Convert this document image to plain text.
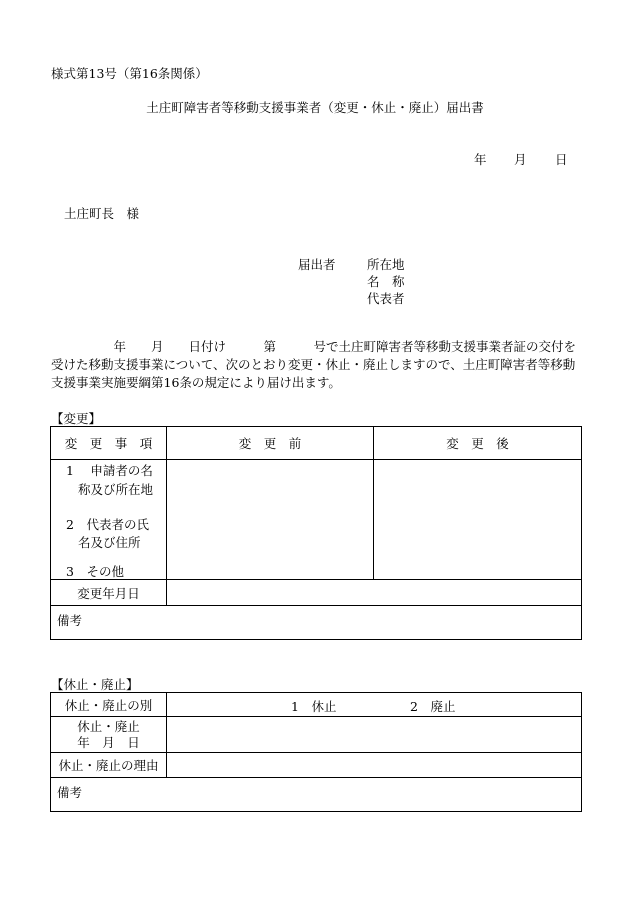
様式第13号（第16条関係）
土庄町障害者等移動支援事業者（変更・休止・廃止）届出書
年 月 日
土庄町長　様
届出者	所在地
名　称
代表者
　　　　　年　　月　　日付け　　　第　　　号で土庄町障害者等移動支援事業者証の交付を受けた移動支援事業について、次のとおり変更・休止・廃止しますので、土庄町障害者等移動支援事業実施要綱第16条の規定により届け出ます。
【変更】
変　更　事　項	変　更　前	変　更　後

1　 申請者の名
称及び所在地
2　代表者の氏
名及び住所
3　その他		

変更年月日		
備考		
【休止・廃止】
休止・廃止の別	1　休止 2　廃止

休止・廃止
年　月　日	

休止・廃止の理由	
備考	
